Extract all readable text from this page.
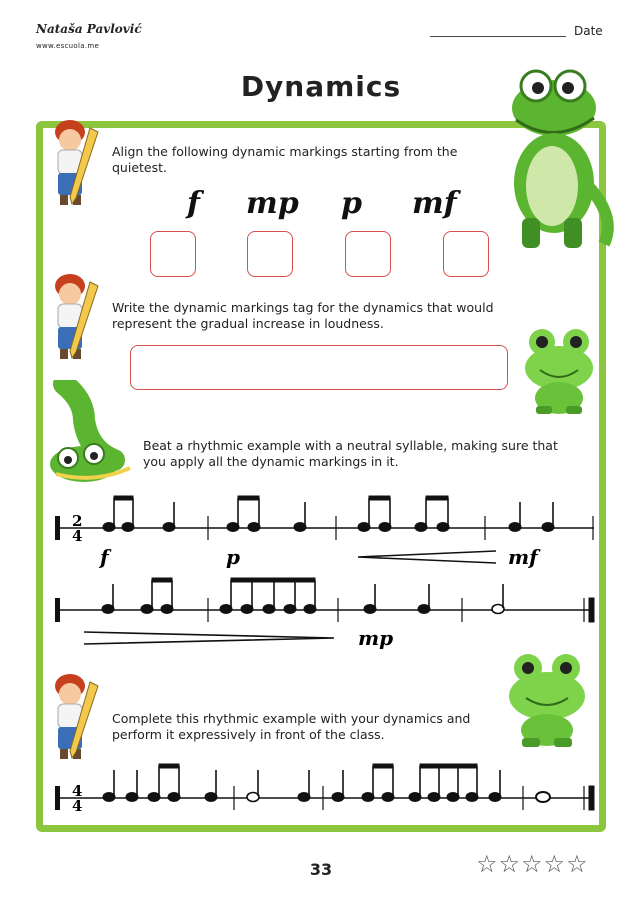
Nataša Pavlović
www.escuola.me
Date
Dynamics
Align the following dynamic markings starting from the quietest.
f mp p mf
Write the dynamic markings tag for the dynamics that would represent the gradual increase in loudness.
Beat a rhythmic example with a neutral syllable, making sure that you apply all the dynamic markings in it.
2
4
f	p	mf
mp
Complete this rhythmic example with your dynamics and perform it expressively in front of the class.
4
4
33	☆☆☆☆☆
